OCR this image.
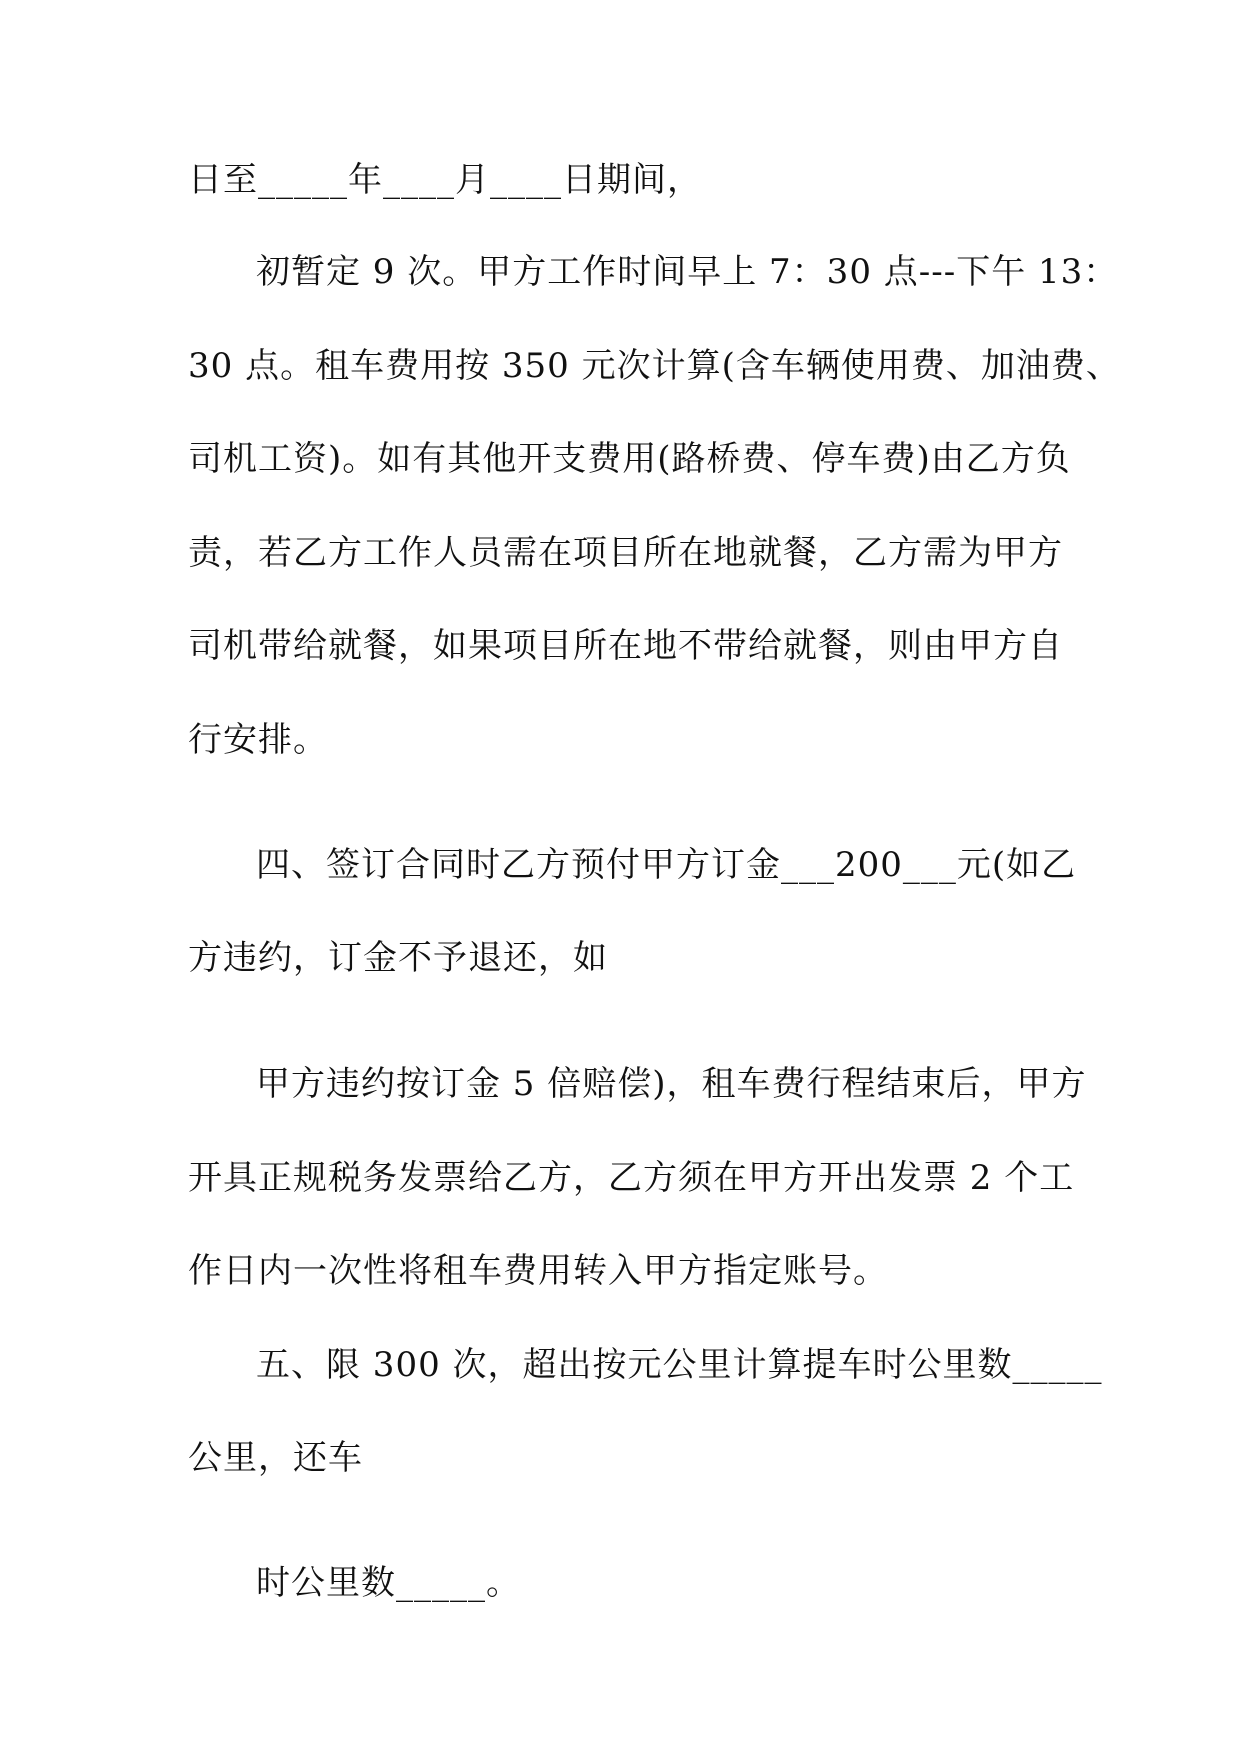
日至_____年____月____日期间，
初暂定 9 次。甲方工作时间早上 7：30 点---下午 13：
30 点。租车费用按 350 元次计算(含车辆使用费、加油费、
司机工资)。如有其他开支费用(路桥费、停车费)由乙方负
责，若乙方工作人员需在项目所在地就餐，乙方需为甲方
司机带给就餐，如果项目所在地不带给就餐，则由甲方自
行安排。
四、签订合同时乙方预付甲方订金___200___元(如乙
方违约，订金不予退还，如
甲方违约按订金 5 倍赔偿)，租车费行程结束后，甲方
开具正规税务发票给乙方，乙方须在甲方开出发票 2 个工
作日内一次性将租车费用转入甲方指定账号。
五、限 300 次，超出按元公里计算提车时公里数_____
公里，还车
时公里数_____。
